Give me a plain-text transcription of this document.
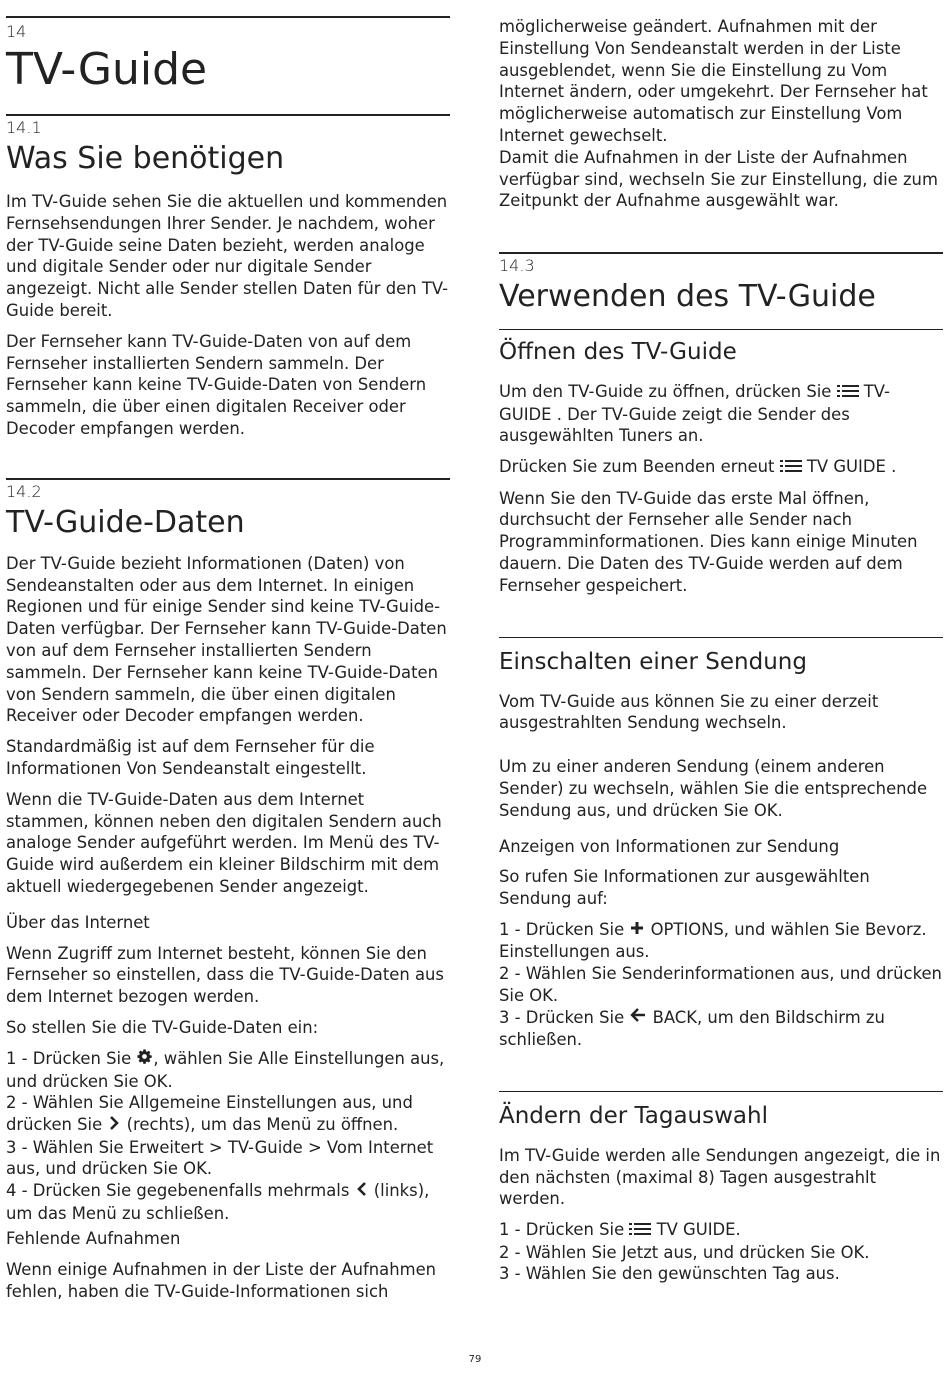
14
TV-Guide
14.1
Was Sie benötigen

Im TV-Guide sehen Sie die aktuellen und kommenden Fernsehsendungen Ihrer Sender. Je nachdem, woher der TV-Guide seine Daten bezieht, werden analoge und digitale Sender oder nur digitale Sender angezeigt. Nicht alle Sender stellen Daten für den TV-Guide bereit.

Der Fernseher kann TV-Guide-Daten von auf dem Fernseher installierten Sendern sammeln. Der Fernseher kann keine TV-Guide-Daten von Sendern sammeln, die über einen digitalen Receiver oder Decoder empfangen werden.

14.2
TV-Guide-Daten

Der TV-Guide bezieht Informationen (Daten) von Sendeanstalten oder aus dem Internet. In einigen Regionen und für einige Sender sind keine TV-Guide-Daten verfügbar. Der Fernseher kann TV-Guide-Daten von auf dem Fernseher installierten Sendern sammeln. Der Fernseher kann keine TV-Guide-Daten von Sendern sammeln, die über einen digitalen Receiver oder Decoder empfangen werden.

Standardmäßig ist auf dem Fernseher für die Informationen Von Sendeanstalt eingestellt.

Wenn die TV-Guide-Daten aus dem Internet stammen, können neben den digitalen Sendern auch analoge Sender aufgeführt werden. Im Menü des TV-Guide wird außerdem ein kleiner Bildschirm mit dem aktuell wiedergegebenen Sender angezeigt.

Über das Internet

Wenn Zugriff zum Internet besteht, können Sie den Fernseher so einstellen, dass die TV-Guide-Daten aus dem Internet bezogen werden.

So stellen Sie die TV-Guide-Daten ein:

1 - Drücken Sie , wählen Sie Alle Einstellungen aus, und drücken Sie OK.

2 - Wählen Sie Allgemeine Einstellungen aus, und drücken Sie  (rechts), um das Menü zu öffnen.

3 - Wählen Sie Erweitert > TV-Guide > Vom Internet aus, und drücken Sie OK.

4 - Drücken Sie gegebenenfalls mehrmals  (links), um das Menü zu schließen.

Fehlende Aufnahmen

Wenn einige Aufnahmen in der Liste der Aufnahmen fehlen, haben die TV-Guide-Informationen sich

möglicherweise geändert. Aufnahmen mit der Einstellung Von Sendeanstalt werden in der Liste ausgeblendet, wenn Sie die Einstellung zu Vom Internet ändern, oder umgekehrt. Der Fernseher hat möglicherweise automatisch zur Einstellung Vom Internet gewechselt.

Damit die Aufnahmen in der Liste der Aufnahmen verfügbar sind, wechseln Sie zur Einstellung, die zum Zeitpunkt der Aufnahme ausgewählt war.

14.3
Verwenden des TV-Guide
Öffnen des TV-Guide

Um den TV-Guide zu öffnen, drücken Sie  TV-GUIDE . Der TV-Guide zeigt die Sender des ausgewählten Tuners an.

Drücken Sie zum Beenden erneut  TV GUIDE .

Wenn Sie den TV-Guide das erste Mal öffnen, durchsucht der Fernseher alle Sender nach Programminformationen. Dies kann einige Minuten dauern. Die Daten des TV-Guide werden auf dem Fernseher gespeichert.

Einschalten einer Sendung

Vom TV-Guide aus können Sie zu einer derzeit ausgestrahlten Sendung wechseln.

Um zu einer anderen Sendung (einem anderen Sender) zu wechseln, wählen Sie die entsprechende Sendung aus, und drücken Sie OK.

Anzeigen von Informationen zur Sendung

So rufen Sie Informationen zur ausgewählten Sendung auf:

1 - Drücken Sie  OPTIONS, und wählen Sie Bevorz. Einstellungen aus.

2 - Wählen Sie Senderinformationen aus, und drücken Sie OK.

3 - Drücken Sie  BACK, um den Bildschirm zu schließen.

Ändern der Tagauswahl

Im TV-Guide werden alle Sendungen angezeigt, die in den nächsten (maximal 8) Tagen ausgestrahlt werden.

1 - Drücken Sie  TV GUIDE.

2 - Wählen Sie Jetzt aus, und drücken Sie OK.

3 - Wählen Sie den gewünschten Tag aus.

79
